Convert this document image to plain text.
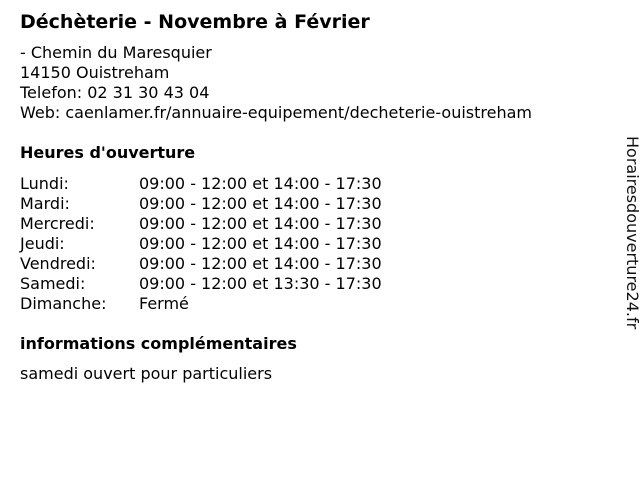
Déchèterie - Novembre à Février
- Chemin du Maresquier
14150 Ouistreham
Telefon: 02 31 30 43 04
Web: caenlamer.fr/annuaire-equipement/decheterie-ouistreham
Heures d'ouverture
Lundi:	09:00 - 12:00 et 14:00 - 17:30
Mardi:	09:00 - 12:00 et 14:00 - 17:30
Mercredi:	09:00 - 12:00 et 14:00 - 17:30
Jeudi:	09:00 - 12:00 et 14:00 - 17:30
Vendredi:	09:00 - 12:00 et 14:00 - 17:30
Samedi:	09:00 - 12:00 et 13:30 - 17:30
Dimanche:	Fermé
informations complémentaires
samedi ouvert pour particuliers
Horairesdouverture24.fr
